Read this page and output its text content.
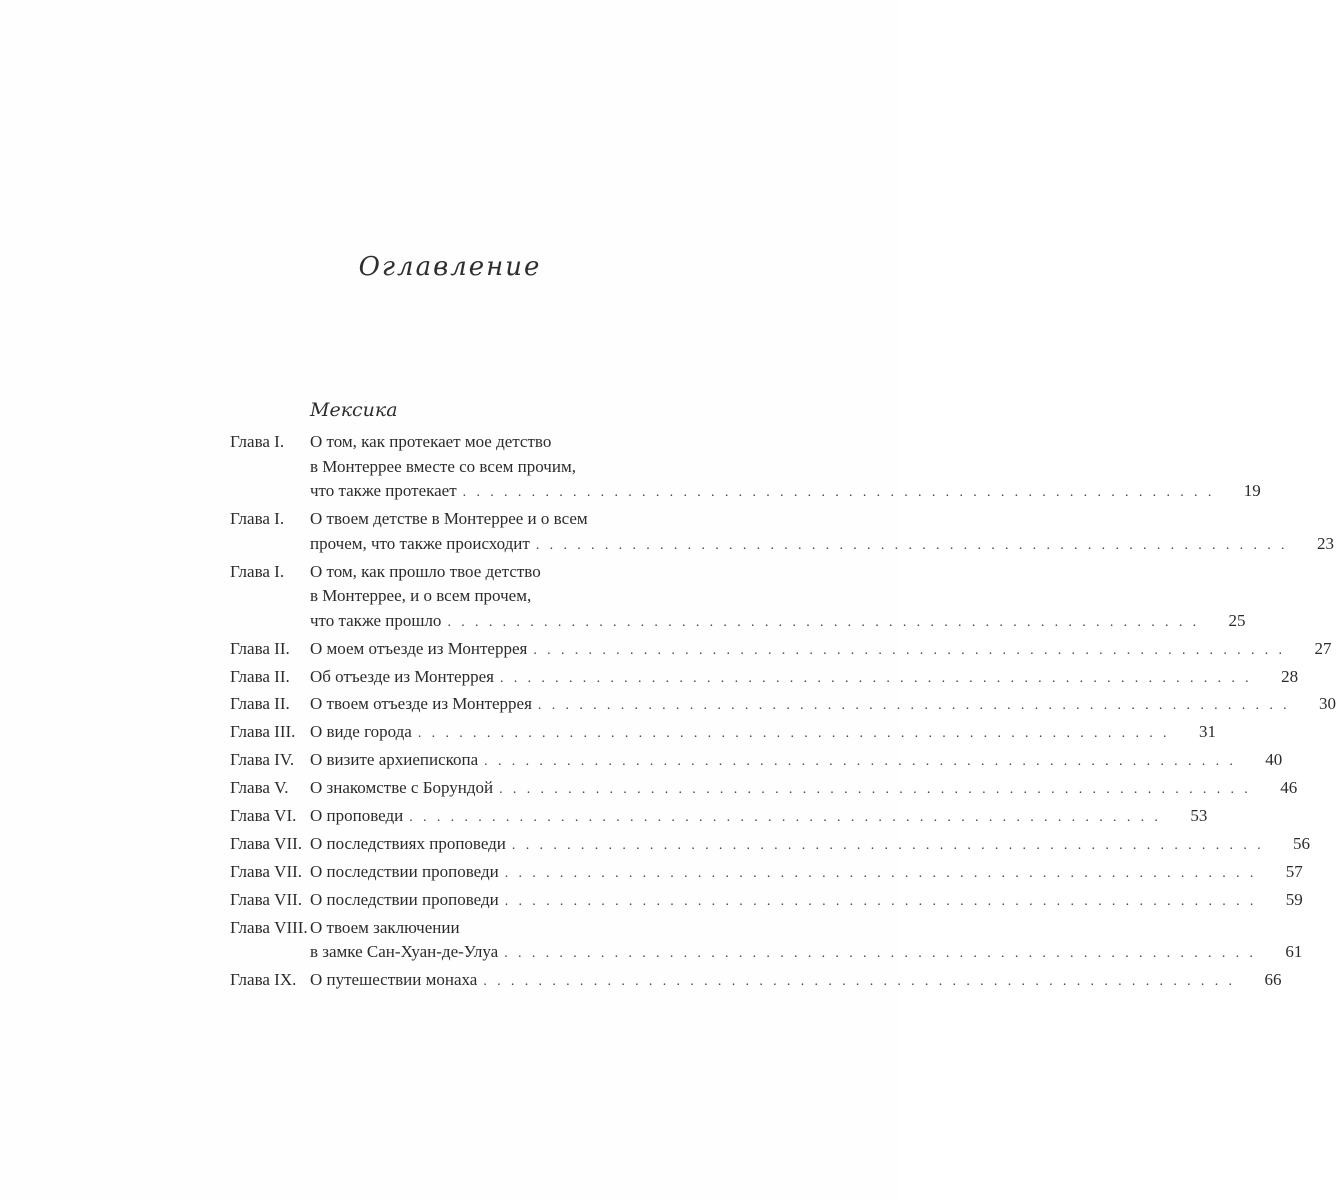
Оглавление
Мексика
Глава I.	О том, как протекает мое детство
в Монтеррее вместе со всем прочим,
что также протекает . . . . . . . . . . . . . . . . . . . . . . . . . . . . . . . . . . . . . . . . . . . . . . . . . . . . . . .	19
Глава I.	О твоем детстве в Монтеррее и о всем
прочем, что также происходит . . . . . . . . . . . . . . . . . . . . . . . . . . . . . . . . . . . . . . . . . . . . . . . . . . . . . . .	23
Глава I.	О том, как прошло твое детство
в Монтеррее, и о всем прочем,
что также прошло . . . . . . . . . . . . . . . . . . . . . . . . . . . . . . . . . . . . . . . . . . . . . . . . . . . . . . .	25
Глава II.	О моем отъезде из Монтеррея . . . . . . . . . . . . . . . . . . . . . . . . . . . . . . . . . . . . . . . . . . . . . . . . . . . . . . .	27
Глава II.	Об отъезде из Монтеррея . . . . . . . . . . . . . . . . . . . . . . . . . . . . . . . . . . . . . . . . . . . . . . . . . . . . . . .	28
Глава II.	О твоем отъезде из Монтеррея . . . . . . . . . . . . . . . . . . . . . . . . . . . . . . . . . . . . . . . . . . . . . . . . . . . . . . .	30
Глава III. О виде города . . . . . . . . . . . . . . . . . . . . . . . . . . . . . . . . . . . . . . . . . . . . . . . . . . . . . . .	31
Глава IV. О визите архиепископа . . . . . . . . . . . . . . . . . . . . . . . . . . . . . . . . . . . . . . . . . . . . . . . . . . . . . . .	40
Глава V.	О знакомстве с Борундой . . . . . . . . . . . . . . . . . . . . . . . . . . . . . . . . . . . . . . . . . . . . . . . . . . . . . . .	46
Глава VI. О проповеди . . . . . . . . . . . . . . . . . . . . . . . . . . . . . . . . . . . . . . . . . . . . . . . . . . . . . . .	53
Глава VII. О последствиях проповеди . . . . . . . . . . . . . . . . . . . . . . . . . . . . . . . . . . . . . . . . . . . . . . . . . . . . . . .	56
Глава VII. О последствии проповеди . . . . . . . . . . . . . . . . . . . . . . . . . . . . . . . . . . . . . . . . . . . . . . . . . . . . . . .	57
Глава VII. О последствии проповеди . . . . . . . . . . . . . . . . . . . . . . . . . . . . . . . . . . . . . . . . . . . . . . . . . . . . . . .	59
Глава VIII. О твоем заключении
в замке Сан-Хуан-де-Улуа . . . . . . . . . . . . . . . . . . . . . . . . . . . . . . . . . . . . . . . . . . . . . . . . . . . . . . .	61
Глава IX. О путешествии монаха . . . . . . . . . . . . . . . . . . . . . . . . . . . . . . . . . . . . . . . . . . . . . . . . . . . . . . .	66
